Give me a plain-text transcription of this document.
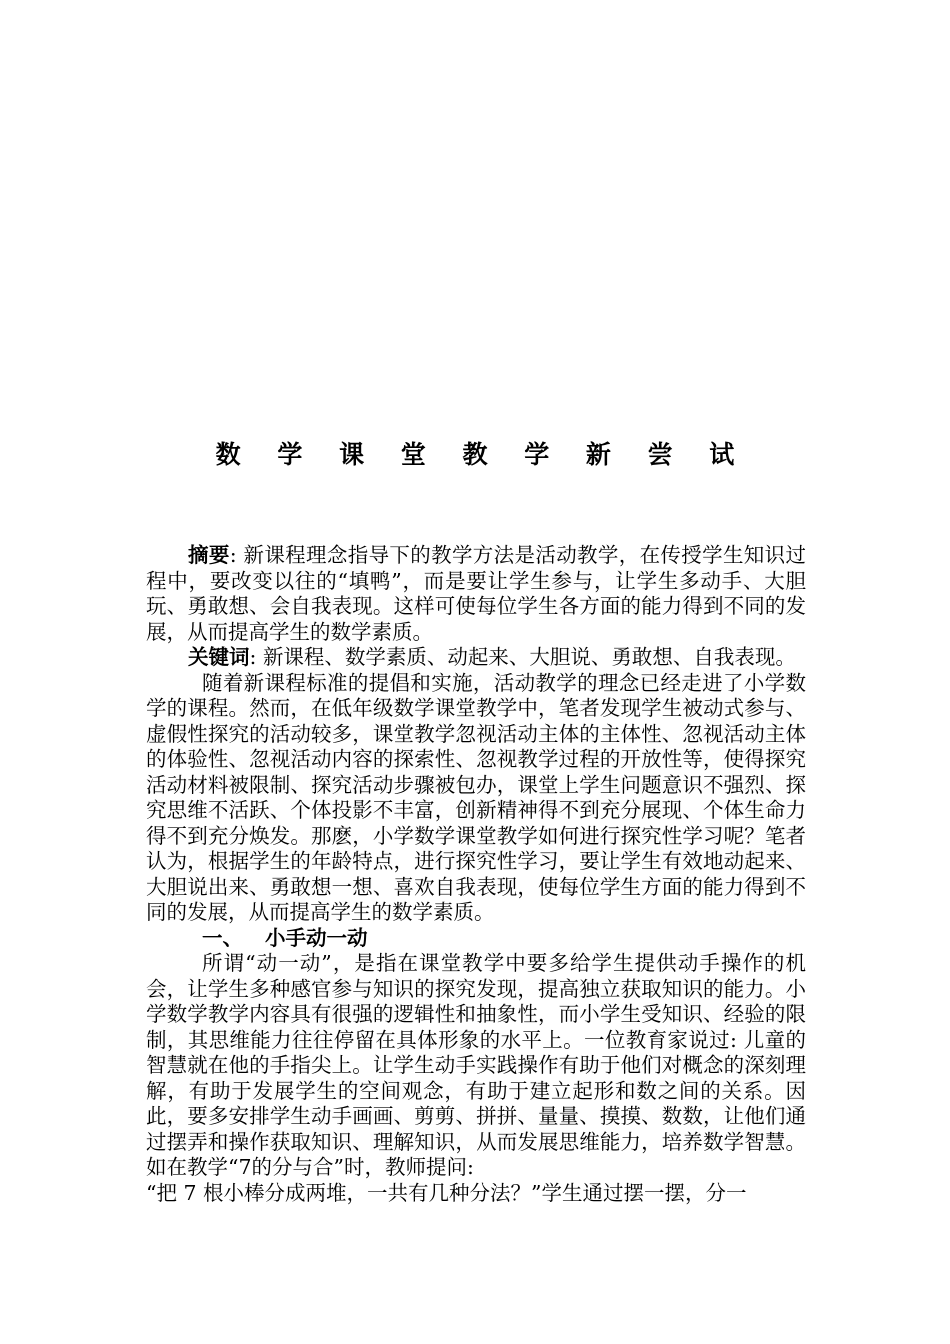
数 学 课 堂 教 学 新 尝 试

摘要: 新课程理念指导下的教学方法是活动教学，在传授学生知识过程中，要改变以往的“填鸭”，而是要让学生参与，让学生多动手、大胆玩、勇敢想、会自我表现。这样可使每位学生各方面的能力得到不同的发展，从而提高学生的数学素质。

关键词: 新课程、数学素质、动起来、大胆说、勇敢想、自我表现。

随着新课程标准的提倡和实施，活动教学的理念已经走进了小学数学的课程。然而，在低年级数学课堂教学中，笔者发现学生被动式参与、虚假性探究的活动较多，课堂教学忽视活动主体的主体性、忽视活动主体的体验性、忽视活动内容的探索性、忽视教学过程的开放性等，使得探究活动材料被限制、探究活动步骤被包办，课堂上学生问题意识不强烈、探究思维不活跃、个体投影不丰富，创新精神得不到充分展现、个体生命力得不到充分焕发。那麽，小学数学课堂教学如何进行探究性学习呢？笔者认为，根据学生的年龄特点，进行探究性学习，要让学生有效地动起来、大胆说出来、勇敢想一想、喜欢自我表现，使每位学生方面的能力得到不同的发展，从而提高学生的数学素质。

一、 小手动一动

所谓“动一动”，是指在课堂教学中要多给学生提供动手操作的机会，让学生多种感官参与知识的探究发现，提高独立获取知识的能力。小学数学教学内容具有很强的逻辑性和抽象性，而小学生受知识、经验的限制，其思维能力往往停留在具体形象的水平上。一位教育家说过: 儿童的智慧就在他的手指尖上。让学生动手实践操作有助于他们对概念的深刻理解，有助于发展学生的空间观念，有助于建立起形和数之间的关系。因此，要多安排学生动手画画、剪剪、拼拼、量量、摸摸、数数，让他们通过摆弄和操作获取知识、理解知识，从而发展思维能力，培养数学智慧。如在教学“7的分与合”时，教师提问:

“把 7 根小棒分成两堆，一共有几种分法？”学生通过摆一摆，分一
